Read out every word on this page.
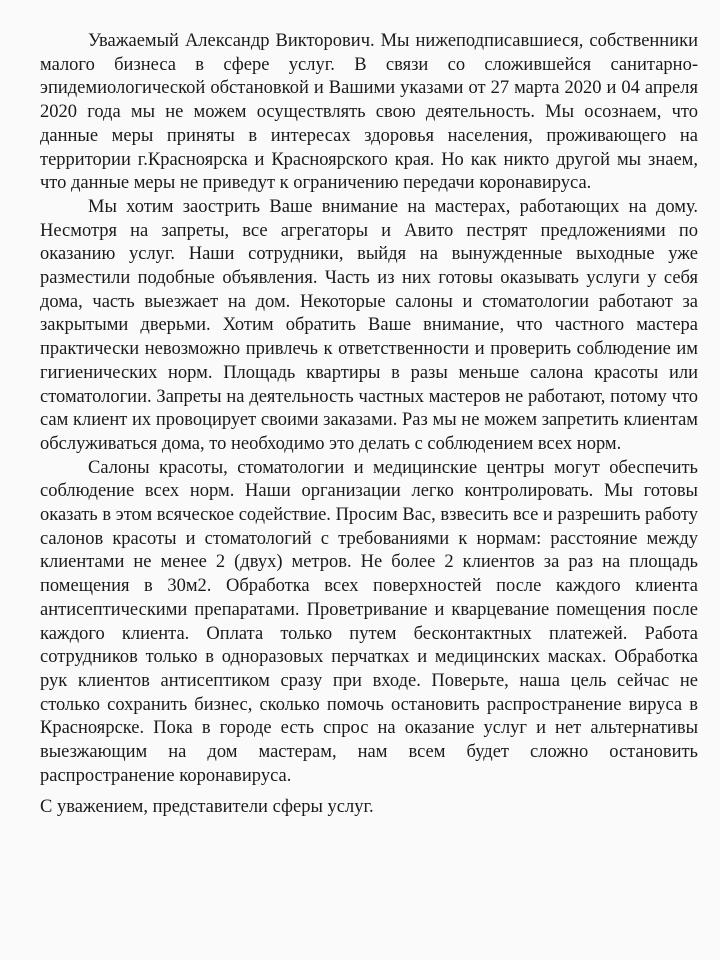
Уважаемый Александр Викторович. Мы нижеподписавшиеся, собственники малого бизнеса в сфере услуг. В связи со сложившейся санитарно-эпидемиологической обстановкой и Вашими указами от 27 марта 2020 и 04 апреля 2020 года мы не можем осуществлять свою деятельность. Мы осознаем, что данные меры приняты в интересах здоровья населения, проживающего на территории г.Красноярска и Красноярского края. Но как никто другой мы знаем, что данные меры не приведут к ограничению передачи коронавируса.

Мы хотим заострить Ваше внимание на мастерах, работающих на дому. Несмотря на запреты, все агрегаторы и Авито пестрят предложениями по оказанию услуг. Наши сотрудники, выйдя на вынужденные выходные уже разместили подобные объявления. Часть из них готовы оказывать услуги у себя дома, часть выезжает на дом. Некоторые салоны и стоматологии работают за закрытыми дверьми. Хотим обратить Ваше внимание, что частного мастера практически невозможно привлечь к ответственности и проверить соблюдение им гигиенических норм. Площадь квартиры в разы меньше салона красоты или стоматологии. Запреты на деятельность частных мастеров не работают, потому что сам клиент их провоцирует своими заказами. Раз мы не можем запретить клиентам обслуживаться дома, то необходимо это делать с соблюдением всех норм.

Салоны красоты, стоматологии и медицинские центры могут обеспечить соблюдение всех норм. Наши организации легко контролировать. Мы готовы оказать в этом всяческое содействие. Просим Вас, взвесить все и разрешить работу салонов красоты и стоматологий с требованиями к нормам: расстояние между клиентами не менее 2 (двух) метров. Не более 2 клиентов за раз на площадь помещения в 30м2. Обработка всех поверхностей после каждого клиента антисептическими препаратами. Проветривание и кварцевание помещения после каждого клиента. Оплата только путем бесконтактных платежей. Работа сотрудников только в одноразовых перчатках и медицинских масках. Обработка рук клиентов антисептиком сразу при входе. Поверьте, наша цель сейчас не столько сохранить бизнес, сколько помочь остановить распространение вируса в Красноярске. Пока в городе есть спрос на оказание услуг и нет альтернативы выезжающим на дом мастерам, нам всем будет сложно остановить распространение коронавируса.

С уважением, представители сферы услуг.
